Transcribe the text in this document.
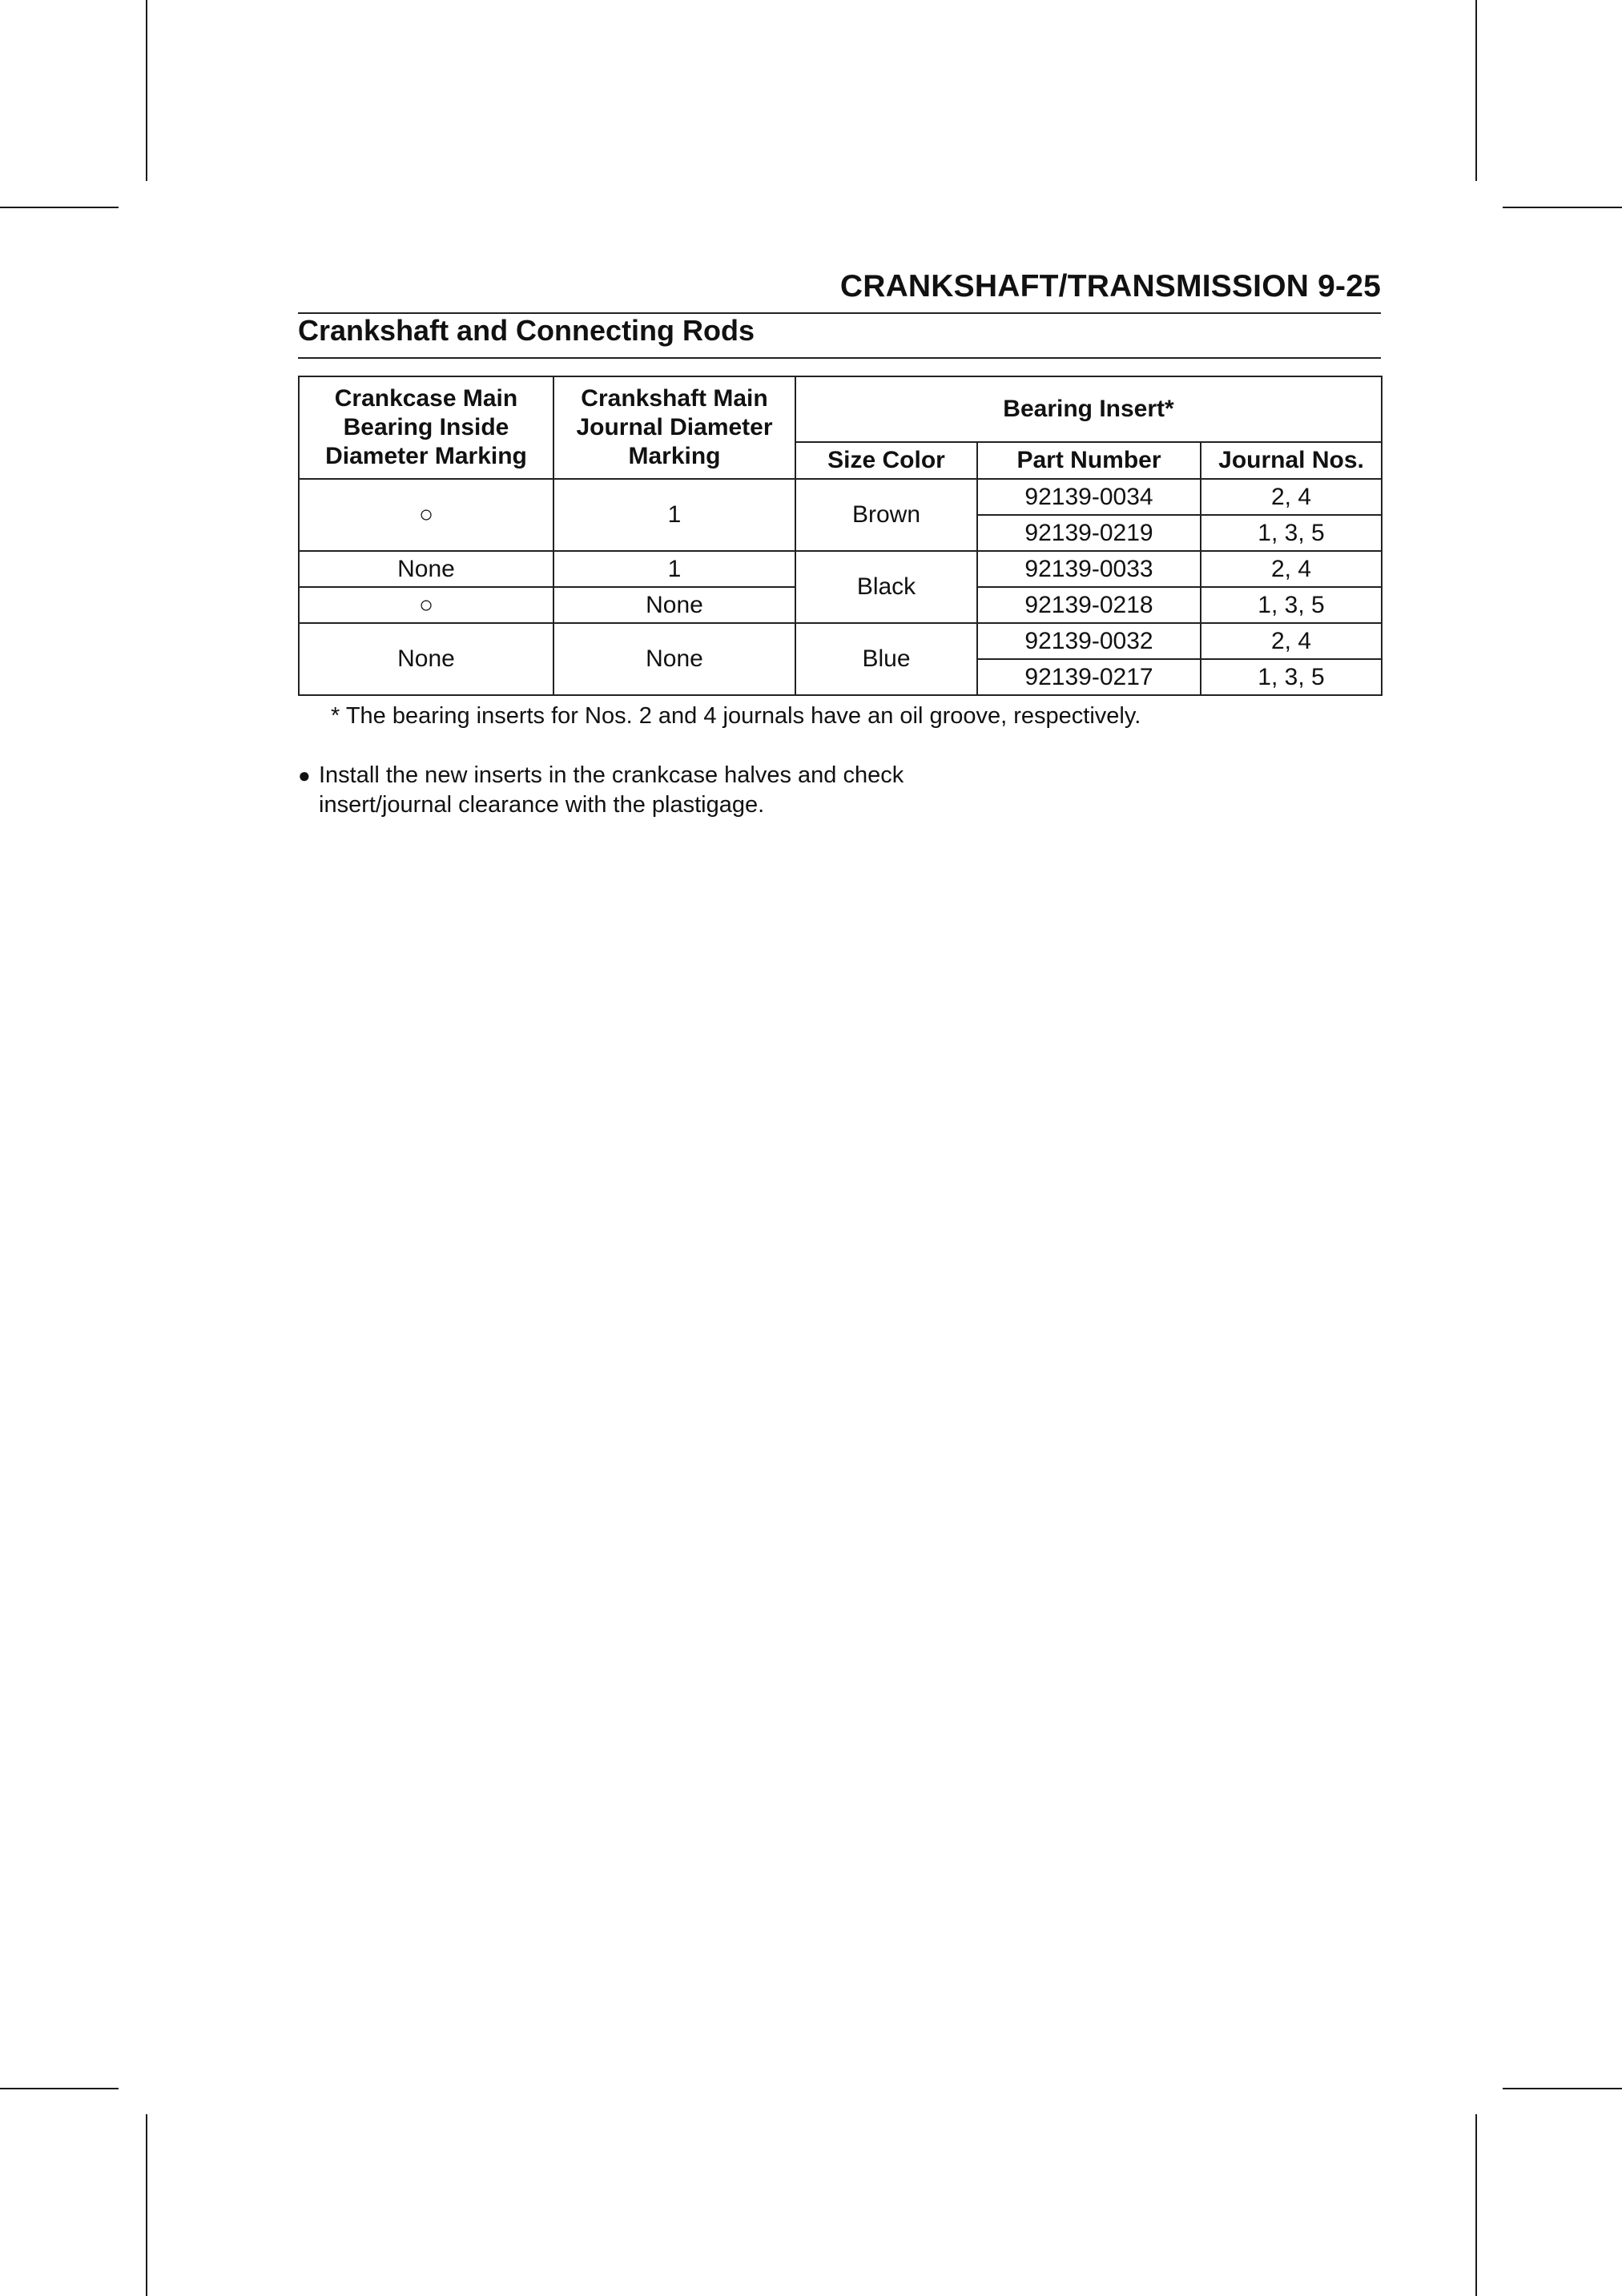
CRANKSHAFT/TRANSMISSION 9-25
Crankshaft and Connecting Rods
Crankcase Main
Bearing Inside
Diameter Marking	Crankshaft Main
Journal Diameter
Marking	Bearing Insert*		
		Size Color	Part Number	Journal Nos.
○	1	Brown	92139-0034	2, 4
			92139-0219	1, 3, 5
None	1	Black	92139-0033	2, 4
○	None		92139-0218	1, 3, 5
None	None	Blue	92139-0032	2, 4
			92139-0217	1, 3, 5
* The bearing inserts for Nos. 2 and 4 journals have an oil groove, respectively.
● Install the new inserts in the crankcase halves and check
insert/journal clearance with the plastigage.
